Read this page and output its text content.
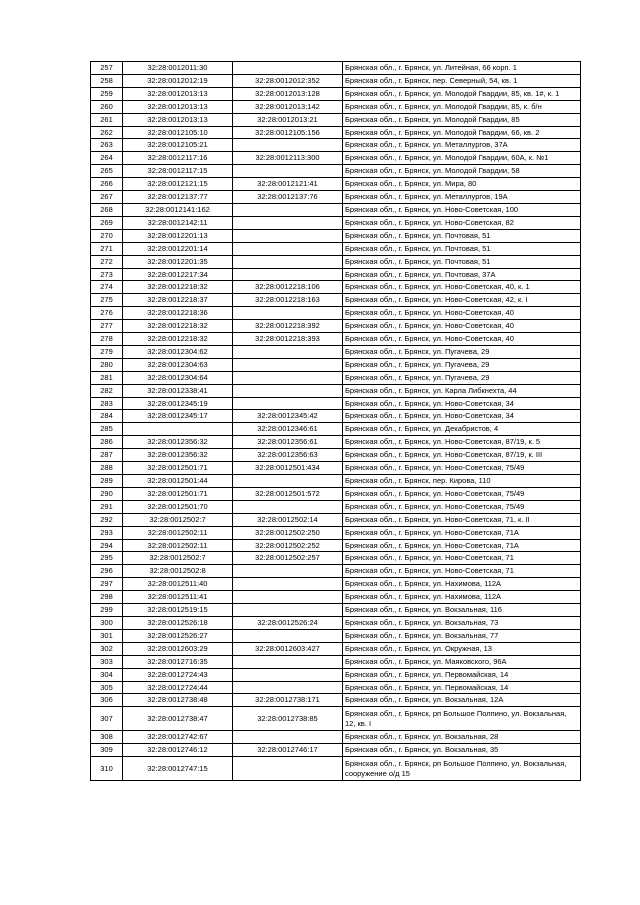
257	32:28:0012011:30		Брянская обл., г. Брянск, ул. Литейная, 66 корп. 1
258	32:28:0012012:19	32:28:0012012:352	Брянская обл., г. Брянск, пер. Северный, 54, кв. 1
259	32:28:0012013:13	32:28:0012013:128	Брянская обл., г. Брянск, ул. Молодой Гвардии, 85, кв. 1#, к. 1
260	32:28:0012013:13	32:28:0012013:142	Брянская обл., г. Брянск, ул. Молодой Гвардии, 85, к. б/н
261	32:28:0012013:13	32:28:0012013:21	Брянская обл., г. Брянск, ул. Молодой Гвардии, 85
262	32:28:0012105:10	32:28:0012105:156	Брянская обл., г. Брянск, ул. Молодой Гвардии, 66, кв. 2
263	32:28:0012105:21		Брянская обл., г. Брянск, ул. Металлургов, 37А
264	32:28:0012117:16	32:28:0012113:300	Брянская обл., г. Брянск, ул. Молодой Гвардии, 60А, к. №1
265	32:28:0012117:15		Брянская обл., г. Брянск, ул. Молодой Гвардии, 58
266	32:28:0012121:15	32:28:0012121:41	Брянская обл., г. Брянск, ул. Мира, 80
267	32:28:0012137:77	32:28:0012137:76	Брянская обл., г. Брянск, ул. Металлургов, 19А
268	32:28:0012141:162		Брянская обл., г. Брянск, ул. Ново-Советская, 100
269	32:28:0012142:11		Брянская обл., г. Брянск, ул. Ново-Советская, 82
270	32:28:0012201:13		Брянская обл., г. Брянск, ул. Почтовая, 51
271	32:28:0012201:14		Брянская обл., г. Брянск, ул. Почтовая, 51
272	32:28:0012201:35		Брянская обл., г. Брянск, ул. Почтовая, 51
273	32:28:0012217:34		Брянская обл., г. Брянск, ул. Почтовая, 37А
274	32:28:0012218:32	32:28:0012218:106	Брянская обл., г. Брянск, ул. Ново-Советская, 40, к. 1
275	32:28:0012218:37	32:28:0012218:163	Брянская обл., г. Брянск, ул. Ново-Советская, 42, к. I
276	32:28:0012218:36		Брянская обл., г. Брянск, ул. Ново-Советская, 40
277	32:28:0012218:32	32:28:0012218:392	Брянская обл., г. Брянск, ул. Ново-Советская, 40
278	32:28:0012218:32	32:28:0012218:393	Брянская обл., г. Брянск, ул. Ново-Советская, 40
279	32:28:0012304:62		Брянская обл., г. Брянск, ул. Пугачева, 29
280	32:28:0012304:63		Брянская обл., г. Брянск, ул. Пугачева, 29
281	32:28:0012304:64		Брянская обл., г. Брянск, ул. Пугачева, 29
282	32:28:0012338:41		Брянская обл., г. Брянск, ул. Карла Либкнехта, 44
283	32:28:0012345:19		Брянская обл., г. Брянск, ул. Ново-Советская, 34
284	32:28:0012345:17	32:28:0012345:42	Брянская обл., г. Брянск, ул. Ново-Советская, 34
285		32:28:0012346:61	Брянская обл., г. Брянск, ул. Декабристов, 4
286	32:28:0012356:32	32:28:0012356:61	Брянская обл., г. Брянск, ул. Ново-Советская, 87/19, к. 5
287	32:28:0012356:32	32:28:0012356:63	Брянская обл., г. Брянск, ул. Ново-Советская, 87/19, к. III
288	32:28:0012501:71	32:28:0012501:434	Брянская обл., г. Брянск, ул. Ново-Советская, 75/49
289	32:28:0012501:44		Брянская обл., г. Брянск, пер. Кирова, 110
290	32:28:0012501:71	32:28:0012501:572	Брянская обл., г. Брянск, ул. Ново-Советская, 75/49
291	32:28:0012501:70		Брянская обл., г. Брянск, ул. Ново-Советская, 75/49
292	32:28:0012502:7	32:28:0012502:14	Брянская обл., г. Брянск, ул. Ново-Советская, 71, к. II
293	32:28:0012502:11	32:28:0012502:250	Брянская обл., г. Брянск, ул. Ново-Советская, 71А
294	32:28:0012502:11	32:28:0012502:252	Брянская обл., г. Брянск, ул. Ново-Советская, 71А
295	32:28:0012502:7	32:28:0012502:257	Брянская обл., г. Брянск, ул. Ново-Советская, 71
296	32:28:0012502:8		Брянская обл., г. Брянск, ул. Ново-Советская, 71
297	32:28:0012511:40		Брянская обл., г. Брянск, ул. Нахимова, 112А
298	32:28:0012511:41		Брянская обл., г. Брянск, ул. Нахимова, 112А
299	32:28:0012519:15		Брянская обл., г. Брянск, ул. Вокзальная, 116
300	32:28:0012526:18	32:28:0012526:24	Брянская обл., г. Брянск, ул. Вокзальная, 73
301	32:28:0012526:27		Брянская обл., г. Брянск, ул. Вокзальная, 77
302	32:28:0012603:29	32:28:0012603:427	Брянская обл., г. Брянск, ул. Окружная, 13
303	32:28:0012716:35		Брянская обл., г. Брянск, ул. Маяковского, 96А
304	32:28:0012724:43		Брянская обл., г. Брянск, ул. Первомайская, 14
305	32:28:0012724:44		Брянская обл., г. Брянск, ул. Первомайская, 14
306	32:28:0012738:48	32:28:0012738:171	Брянская обл., г. Брянск, ул. Вокзальная, 12А
307	32:28:0012738:47	32:28:0012738:85	Брянская обл., г. Брянск, рп Большое Полпино, ул. Вокзальная, 12, кв. I
308	32:28:0012742:67		Брянская обл., г. Брянск, ул. Вокзальная, 28
309	32:28:0012746:12	32:28:0012746:17	Брянская обл., г. Брянск, ул. Вокзальная, 35
310	32:28:0012747:15		Брянская обл., г. Брянск, рп Большое Полпино, ул. Вокзальная, сооружение о/д 15
